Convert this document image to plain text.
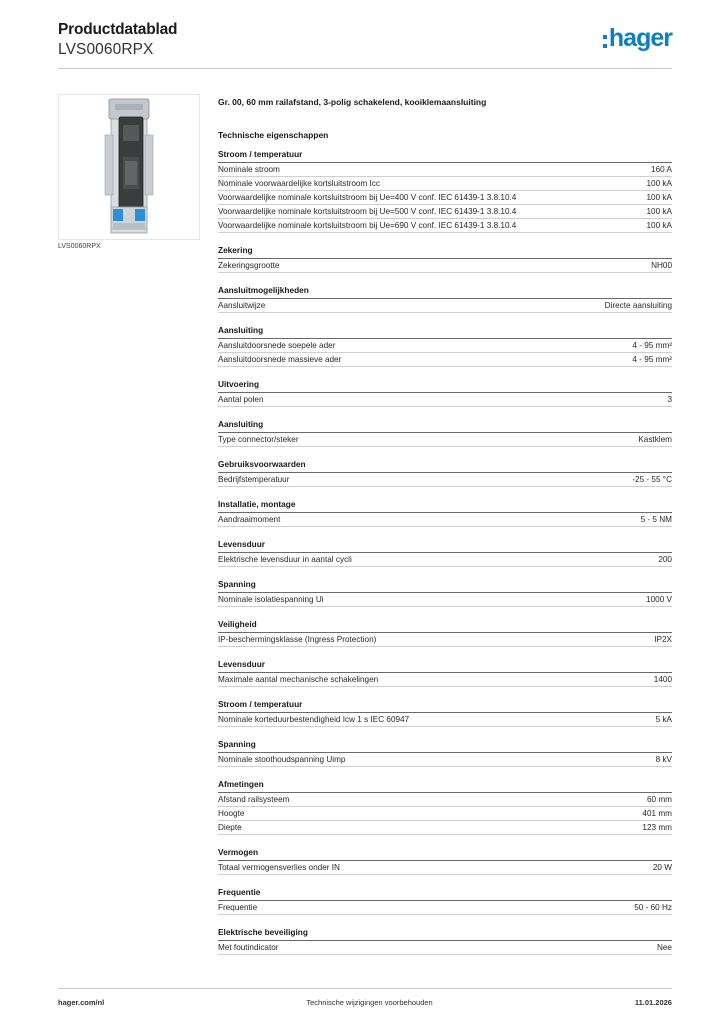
Productdatablad
LVS0060RPX	hager
LVS0060RPX
Gr. 00, 60 mm railafstand, 3-polig schakelend, kooiklemaansluiting
Technische eigenschappen
Stroom / temperatuur
Nominale stroom	160 A
Nominale voorwaardelijke kortsluitstroom Icc	100 kA
Voorwaardelijke nominale kortsluitstroom bij Ue=400 V conf. IEC 61439-1 3.8.10.4	100 kA
Voorwaardelijke nominale kortsluitstroom bij Ue=500 V conf. IEC 61439-1 3.8.10.4	100 kA
Voorwaardelijke nominale kortsluitstroom bij Ue=690 V conf. IEC 61439-1 3.8.10.4	100 kA
Zekering
Zekeringsgrootte	NH00
Aansluitmogelijkheden
Aansluitwijze	Directe aansluiting
Aansluiting
Aansluitdoorsnede soepele ader	4 - 95 mm²
Aansluitdoorsnede massieve ader	4 - 95 mm²
Uitvoering
Aantal polen	3
Aansluiting
Type connector/steker	Kastklem
Gebruiksvoorwaarden
Bedrijfstemperatuur	-25 - 55 °C
Installatie, montage
Aandraaimoment	5 - 5 NM
Levensduur
Elektrische levensduur in aantal cycli	200
Spanning
Nominale isolatiespanning Ui	1000 V
Veiligheid
IP-beschermingsklasse (Ingress Protection)	IP2X
Levensduur
Maximale aantal mechanische schakelingen	1400
Stroom / temperatuur
Nominale korteduurbestendigheid Icw 1 s IEC 60947	5 kA
Spanning
Nominale stoothoudspanning Uimp	8 kV
Afmetingen
Afstand railsysteem	60 mm
Hoogte	401 mm
Diepte	123 mm
Vermogen
Totaal vermogensverlies onder IN	20 W
Frequentie
Frequentie	50 - 60 Hz
Elektrische beveiliging
Met foutindicator	Nee
hager.com/nl	Technische wijzigingen voorbehouden	11.01.2026
